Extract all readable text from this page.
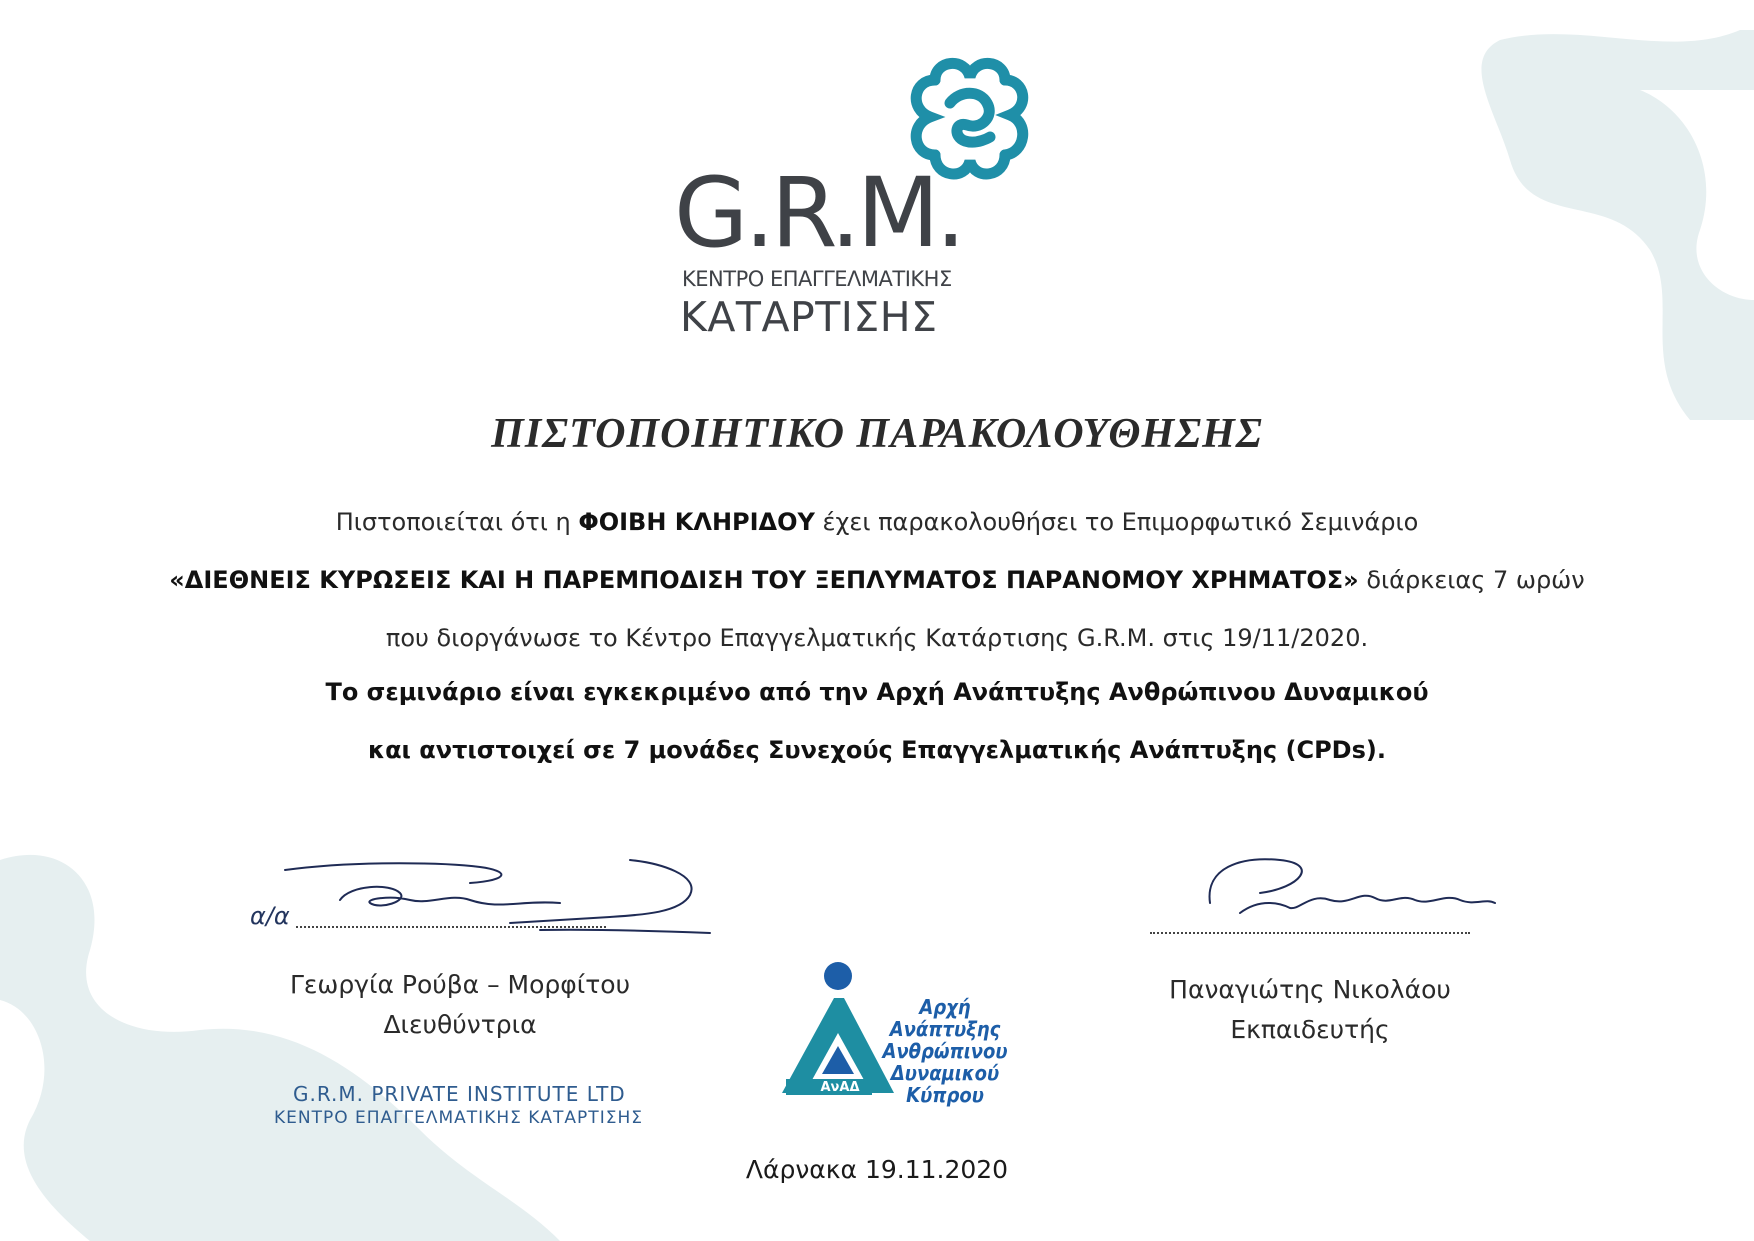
G.R.M.
ΚΕΝΤΡΟ ΕΠΑΓΓΕΛΜΑΤΙΚΗΣ
ΚΑΤΑΡΤΙΣΗΣ
ΠΙΣΤΟΠΟΙΗΤΙΚΟ ΠΑΡΑΚΟΛΟΥΘΗΣΗΣ
Πιστοποιείται ότι η ΦΟΙΒΗ ΚΛΗΡΙΔΟΥ έχει παρακολουθήσει το Επιμορφωτικό Σεμινάριο
«ΔΙΕΘΝΕΙΣ ΚΥΡΩΣΕΙΣ ΚΑΙ Η ΠΑΡΕΜΠΟΔΙΣΗ ΤΟΥ ΞΕΠΛΥΜΑΤΟΣ ΠΑΡΑΝΟΜΟΥ ΧΡΗΜΑΤΟΣ» διάρκειας 7 ωρών
που διοργάνωσε το Κέντρο Επαγγελματικής Κατάρτισης G.R.M. στις 19/11/2020.
Το σεμινάριο είναι εγκεκριμένο από την Αρχή Ανάπτυξης Ανθρώπινου Δυναμικού
και αντιστοιχεί σε 7 μονάδες Συνεχούς Επαγγελματικής Ανάπτυξης (CPDs).
α/α
Γεωργία Ρούβα – Μορφίτου
Διευθύντρια
G.R.M. PRIVATE INSTITUTE LTD
ΚΕΝΤΡΟ ΕΠΑΓΓΕΛΜΑΤΙΚΗΣ ΚΑΤΑΡΤΙΣΗΣ
Παναγιώτης Νικολάου
Εκπαιδευτής
ΑνΑΔ
Αρχή Ανάπτυξης
Ανθρώπινου
Δυναμικού
Κύπρου
Λάρνακα 19.11.2020
